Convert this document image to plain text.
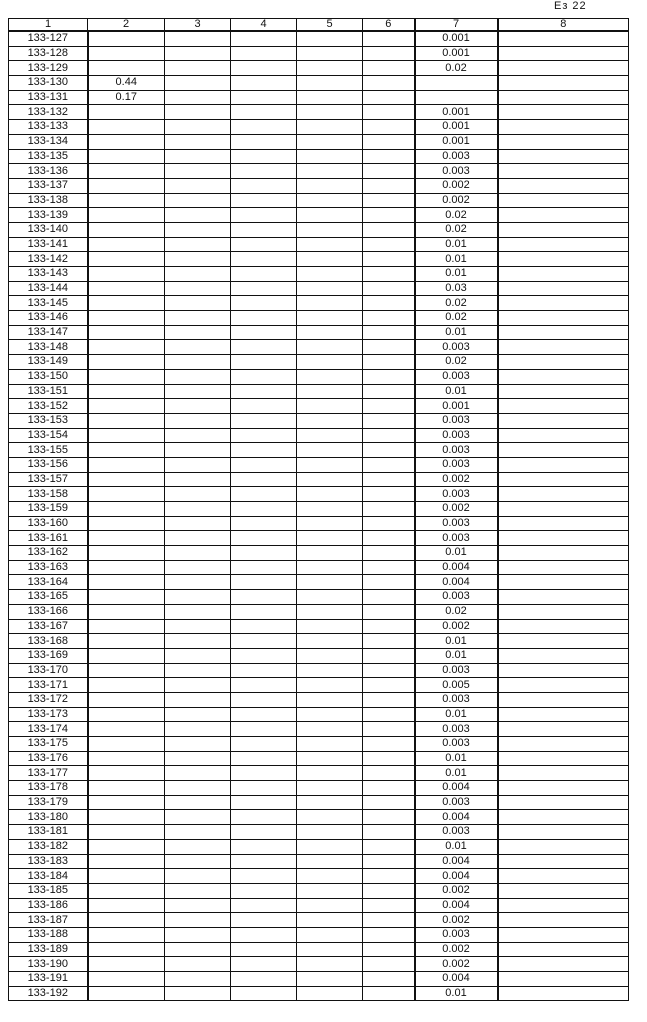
Ез 22
1	2	3	4	5	6	7	8
133-127						0.001	
133-128						0.001	
133-129						0.02	
133-130	0.44						
133-131	0.17						
133-132						0.001	
133-133						0.001	
133-134						0.001	
133-135						0.003	
133-136						0.003	
133-137						0.002	
133-138						0.002	
133-139						0.02	
133-140						0.02	
133-141						0.01	
133-142						0.01	
133-143						0.01	
133-144						0.03	
133-145						0.02	
133-146						0.02	
133-147						0.01	
133-148						0.003	
133-149						0.02	
133-150						0.003	
133-151						0.01	
133-152						0.001	
133-153						0.003	
133-154						0.003	
133-155						0.003	
133-156						0.003	
133-157						0.002	
133-158						0.003	
133-159						0.002	
133-160						0.003	
133-161						0.003	
133-162						0.01	
133-163						0.004	
133-164						0.004	
133-165						0.003	
133-166						0.02	
133-167						0.002	
133-168						0.01	
133-169						0.01	
133-170						0.003	
133-171						0.005	
133-172						0.003	
133-173						0.01	
133-174						0.003	
133-175						0.003	
133-176						0.01	
133-177						0.01	
133-178						0.004	
133-179						0.003	
133-180						0.004	
133-181						0.003	
133-182						0.01	
133-183						0.004	
133-184						0.004	
133-185						0.002	
133-186						0.004	
133-187						0.002	
133-188						0.003	
133-189						0.002	
133-190						0.002	
133-191						0.004	
133-192						0.01	
